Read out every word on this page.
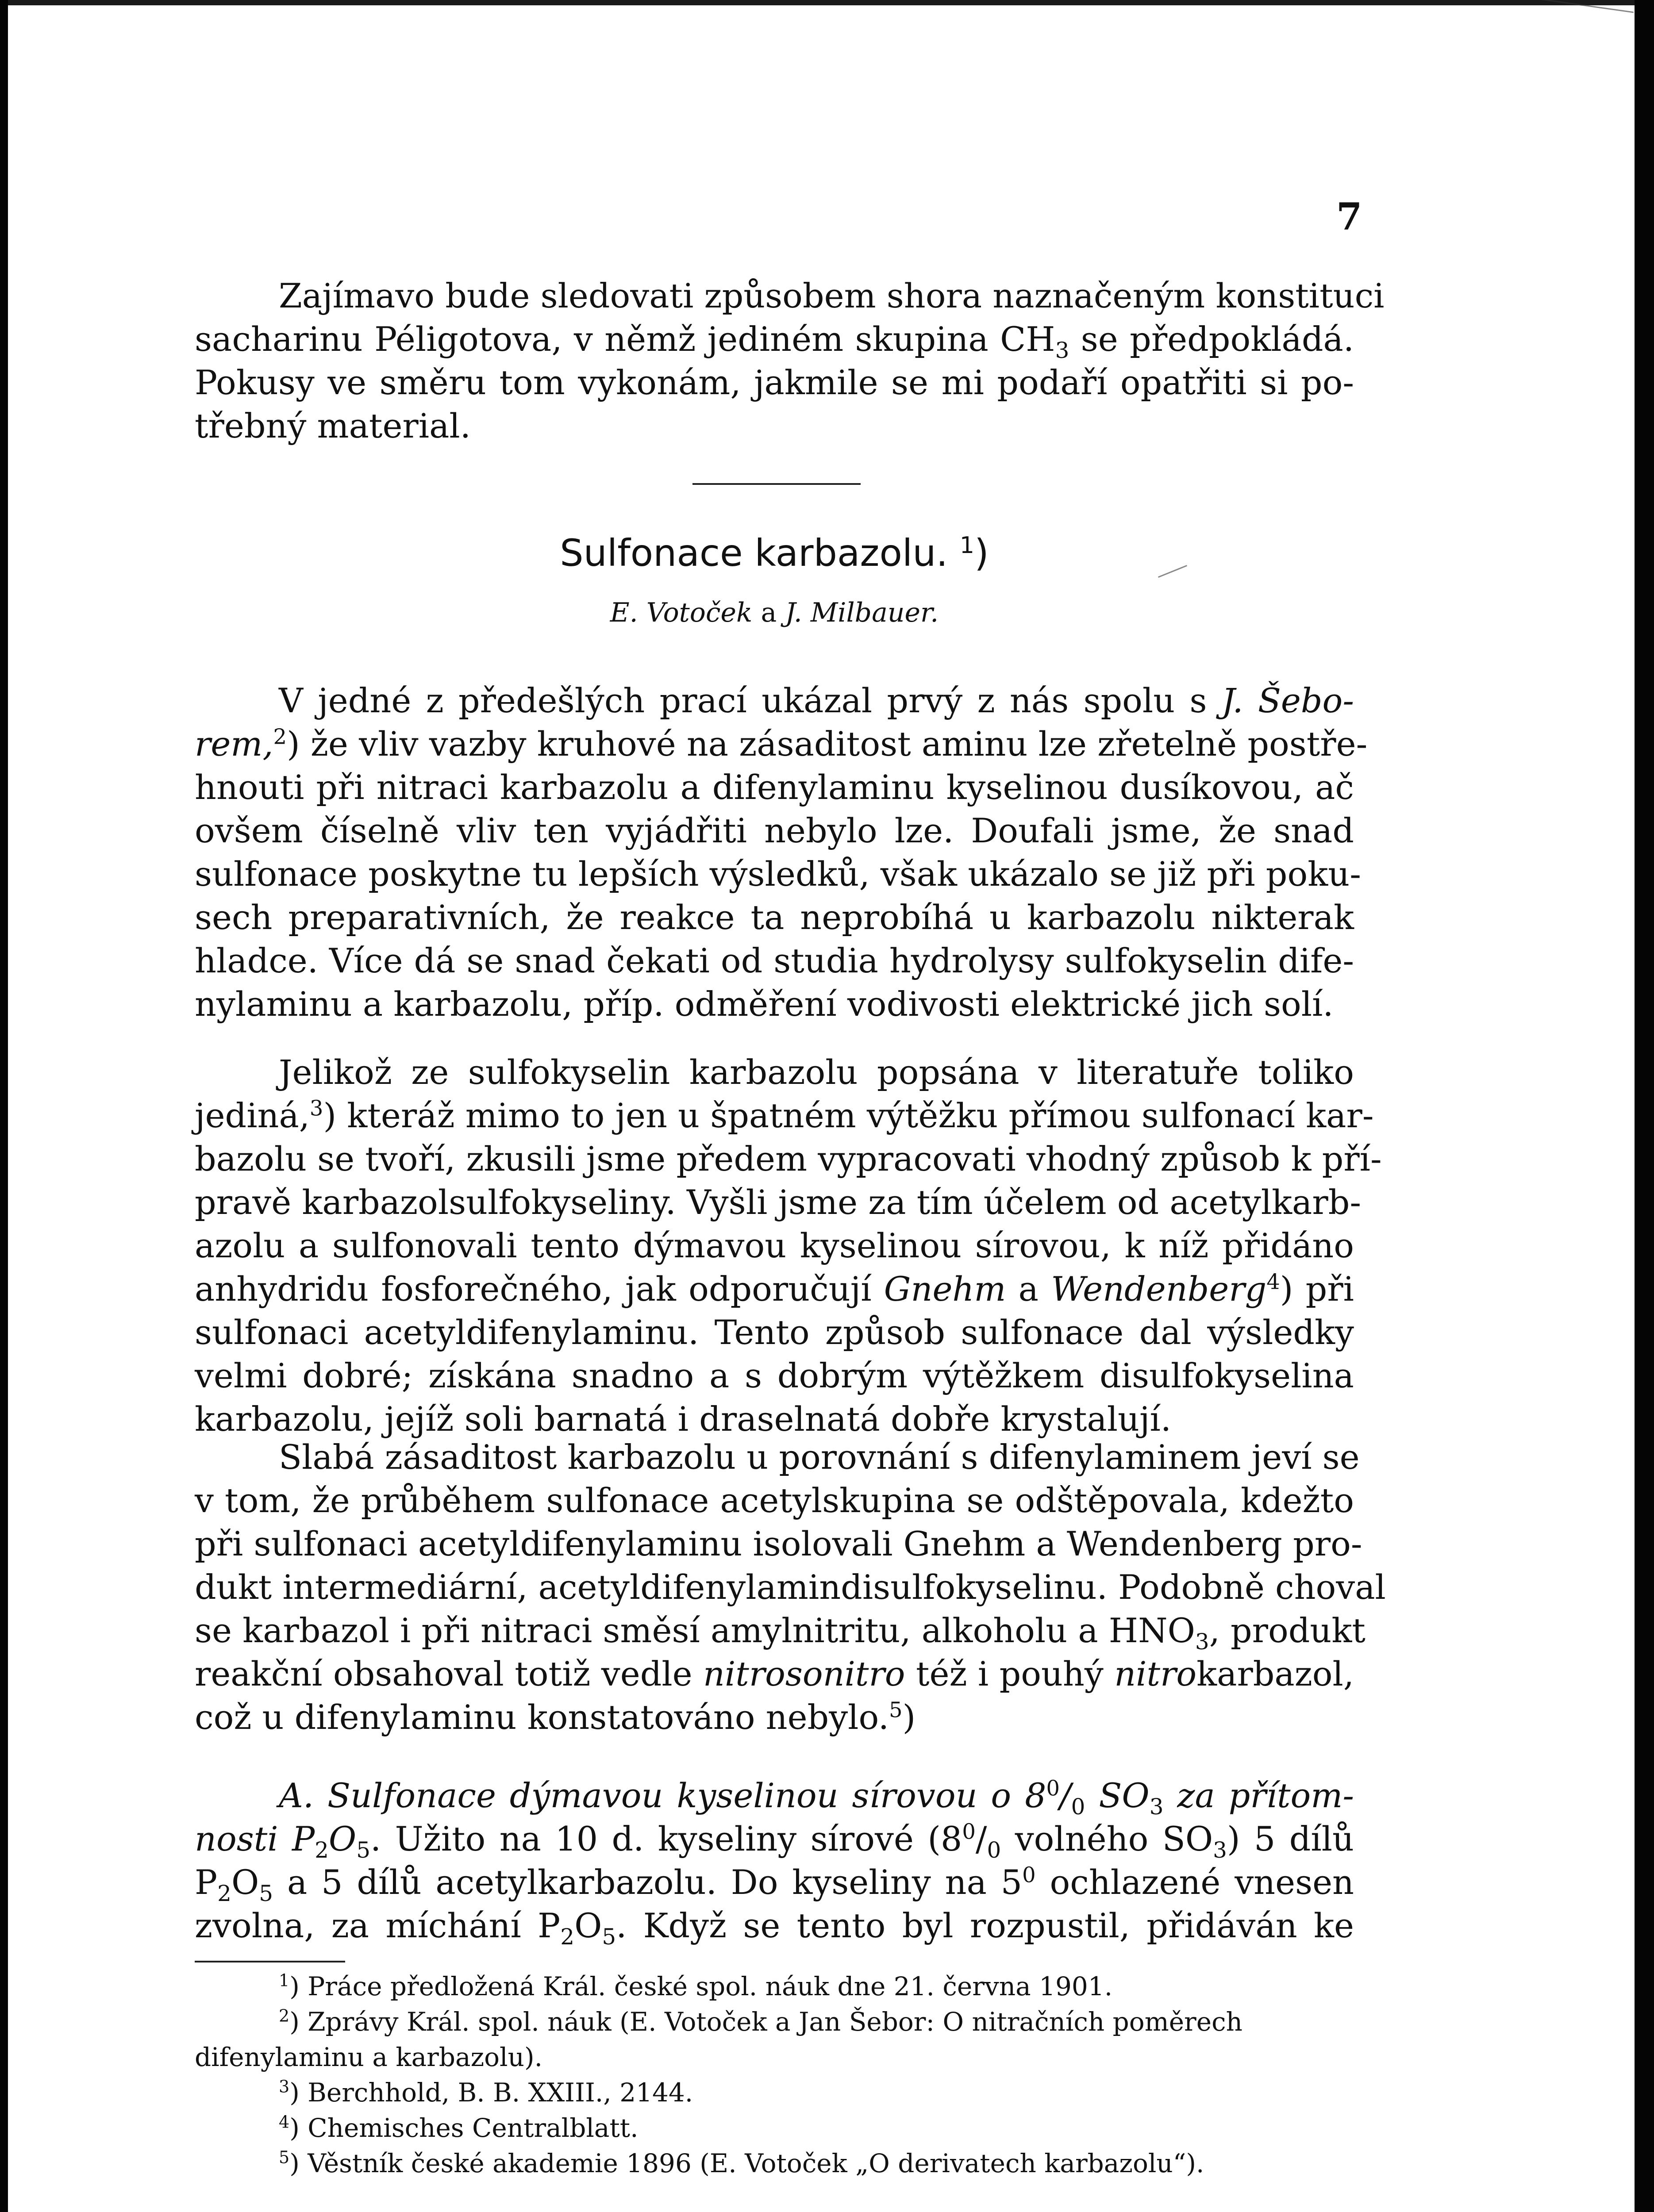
7
Zajímavo bude sledovati způsobem shora naznačeným konstituci
sacharinu Péligotova, v němž jediném skupina $CH_3$ se předpokládá.
Pokusy ve směru tom vykonám, jakmile se mi podaří opatřiti si po-
třebný material.
Sulfonace karbazolu. $^1$)
E. Votoček a J. Milbauer.
V jedné z předešlých prací ukázal prvý z nás spolu s J. Šebo-
rem,$^2$) že vliv vazby kruhové na zásaditost aminu lze zřetelně postře-
hnouti při nitraci karbazolu a difenylaminu kyselinou dusíkovou, ač
ovšem číselně vliv ten vyjádřiti nebylo lze. Doufali jsme, že snad
sulfonace poskytne tu lepších výsledků, však ukázalo se již při poku-
sech preparativních, že reakce ta neprobíhá u karbazolu nikterak
hladce. Více dá se snad čekati od studia hydrolysy sulfokyselin dife-
nylaminu a karbazolu, příp. odměření vodivosti elektrické jich solí.
Jelikož ze sulfokyselin karbazolu popsána v literatuře toliko
jediná,$^3$) kteráž mimo to jen u špatném výtěžku přímou sulfonací kar-
bazolu se tvoří, zkusili jsme předem vypracovati vhodný způsob k pří-
pravě karbazolsulfokyseliny. Vyšli jsme za tím účelem od acetylkarb-
azolu a sulfonovali tento dýmavou kyselinou sírovou, k níž přidáno
anhydridu fosforečného, jak odporučují Gnehm a Wendenberg$^4$) při
sulfonaci acetyldifenylaminu. Tento způsob sulfonace dal výsledky
velmi dobré; získána snadno a s dobrým výtěžkem disulfokyselina
karbazolu, jejíž soli barnatá i draselnatá dobře krystalují.
Slabá zásaditost karbazolu u porovnání s difenylaminem jeví se
v tom, že průběhem sulfonace acetylskupina se odštěpovala, kdežto
při sulfonaci acetyldifenylaminu isolovali Gnehm a Wendenberg pro-
dukt intermediární, acetyldifenylamindisulfokyselinu. Podobně choval
se karbazol i při nitraci směsí amylnitritu, alkoholu a $HNO_3$, produkt
reakční obsahoval totiž vedle nitrosonitro též i pouhý nitrokarbazol,
což u difenylaminu konstatováno nebylo.$^5$)
A. Sulfonace dýmavou kyselinou sírovou o $8^0/_0$ $SO_3$ za přítom-
nosti $P_2O_5$. Užito na 10 d. kyseliny sírové ($8^0/_0$ volného $SO_3$) 5 dílů
$P_2O_5$ a 5 dílů acetylkarbazolu. Do kyseliny na $5^0$ ochlazené vnesen
zvolna, za míchání $P_2O_5$. Když se tento byl rozpustil, přidáván ke
$^1$) Práce předložená Král. české spol. náuk dne 21. června 1901.
$^2$) Zprávy Král. spol. náuk (E. Votoček a Jan Šebor: O nitračních poměrech
difenylaminu a karbazolu).
$^3$) Berchhold, B. B. XXIII., 2144.
$^4$) Chemisches Centralblatt.
$^5$) Věstník české akademie 1896 (E. Votoček „O derivatech karbazolu“).
